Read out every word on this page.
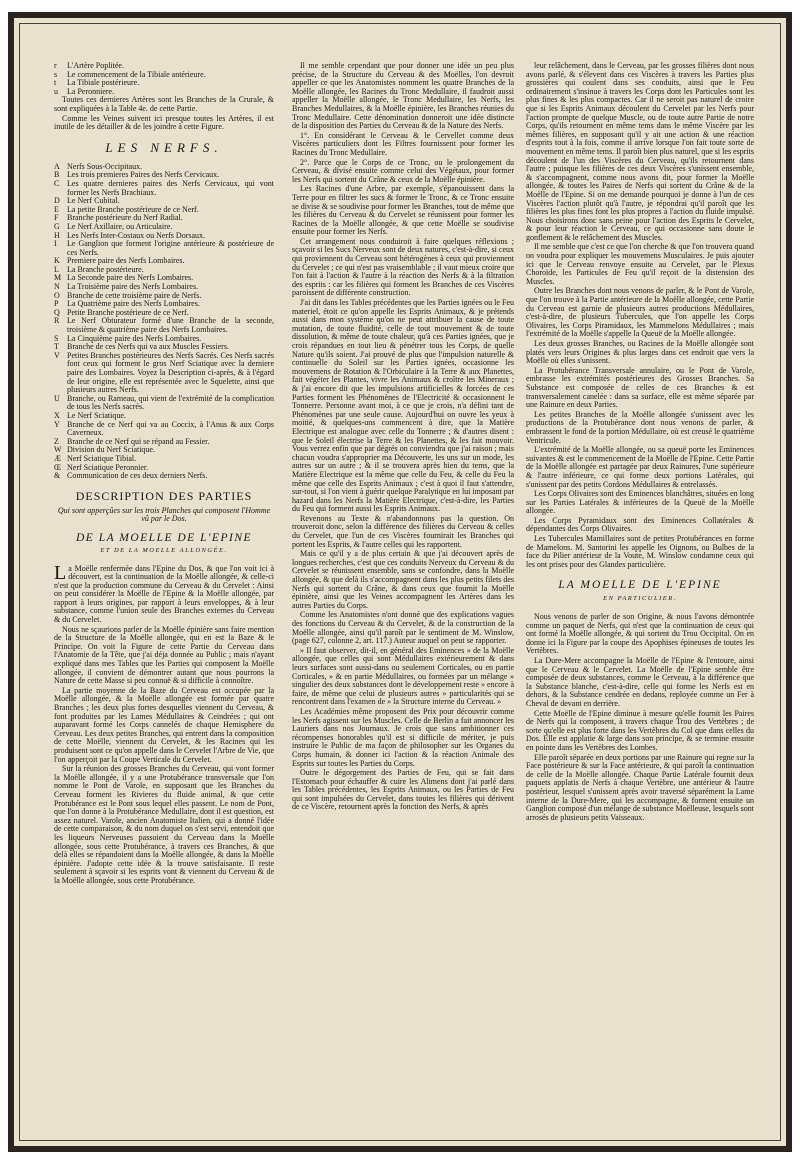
r	L'Artère Poplitée.
s	Le commencement de la Tibiale antérieure.
t	La Tibiale postérieure.
u	La Peronniere.

Toutes ces dernieres Artères sont les Branches de la Crurale, & sont expliquées à la Table 4e. de cette Partie.

Comme les Veines suivent ici presque toutes les Artères, il est inutile de les détailler & de les joindre à cette Figure.

LES NERFS.
A Nerfs Sous-Occipitaux.
B Les trois premieres Paires des Nerfs Cervicaux.
C Les quatre dernieres paires des Nerfs Cervicaux, qui vont former les Nerfs Brachiaux.
D Le Nerf Cubital.
E	La petite Branche postérieure de ce Nerf.
F	Branche postérieure du Nerf Radial.
G Le Nerf Axillaire, ou Articulaire.
H Les Nerfs Inter-Costaux ou Nerfs Dorsaux.
I	Le Ganglion que forment l'origine antérieure & postérieure de ces Nerfs.
K Premiere paire des Nerfs Lombaires.
L	La Branche postérieure.
M La Seconde paire des Nerfs Lombaires.
N La Troisième paire des Nerfs Lombaires.
O Branche de cette troisième paire de Nerfs.
P	La Quatrième paire des Nerfs Lombaires.
Q Petite Branche postérieure de ce Nerf.
R Le Nerf Obturateur formé d'une Branche de la seconde, troisième & quatrième paire des Nerfs Lombaires.
S	La Cinquième paire des Nerfs Lombaires.
T	Branche de ces Nerfs qui va aux Muscles Fessiers.
V Petites Branches postérieures des Nerfs Sacrés. Ces Nerfs sacrés font ceux qui forment le gros Nerf Sciatique avec la derniere paire des Lombaires. Voyez la Description ci-après, & à l'égard de leur origine, elle est représentée avec le Squelette, ainsi que plusieurs autres Nerfs.
U Branche, ou Rameau, qui vient de l'extrémité de la complication de tous les Nerfs sacrés.
X Le Nerf Sciatique.
Y Branche de ce Nerf qui va au Coccix, à l'Anus & aux Corps Caverneux.
Z	Branche de ce Nerf qui se répand au Fessier.
W Division du Nerf Sciatique.
Æ Nerf Sciatique Tibial.
Œ Nerf Sciatique Peronnier.
& Communication de ces deux derniers Nerfs.
DESCRIPTION DES PARTIES

Qui sont apperçûes sur les trois Planches qui composent l'Homme vû par le Dos.

DE LA MOELLE DE L'EPINE
ET DE LA MOELLE ALLONGÉE.

La Moëlle renfermée dans l'Epine du Dos, & que l'on voit ici à découvert, est la continuation de la Moëlle allongée, & celle-ci n'est que la production commune du Cerveau & du Cervelet : Ainsi on peut considérer la Moëlle de l'Epine & la Moëlle allongée, par rapport à leurs origines, par rapport à leurs enveloppes, & à leur substance, comme l'union seule des Branches externes du Cerveau & du Cervelet.

Nous ne sçaurions parler de la Moëlle épinière sans faire mention de la Structure de la Moëlle allongée, qui en est la Baze & le Principe. On voit la Figure de cette Partie du Cerveau dans l'Anatomie de la Tête, que j'ai déja donnée au Public ; mais n'ayant expliqué dans mes Tables que les Parties qui composent la Moëlle allongée, il convient de démontrer autant que nous pourrons la Nature de cette Masse si peu connuë & si difficile à connoître.

La partie moyenne de la Baze du Cerveau est occupée par la Moëlle allongée, & la Moëlle allongée est formée par quatre Branches ; les deux plus fortes desquelles viennent du Cerveau, & font produites par les Lames Médullaires & Ceindrées ; qui ont auparavant formé les Corps cannelés de chaque Hemisphere du Cerveau. Les deux petites Branches, qui entrent dans la composition de cette Moëlle, viennent du Cervelet, & les Racines qui les produisent sont ce qu'on appelle dans le Cervelet l'Arbre de Vie, que l'on apperçoit par la Coupe Verticale du Cervelet.

Sur la réunion des grosses Branches du Cerveau, qui vont former la Moëlle allongée, il y a une Protubérance transversale que l'on nomme le Pont de Varole, en supposant que les Branches du Cerveau forment les Rivieres du fluide animal, & que cette Protubérance est le Pont sous lequel elles passent. Le nom de Pont, que l'on donne à la Protubérance Medullaire, dont il est question, est assez naturel. Varole, ancien Anatomiste Italien, qui a donné l'idée de cette comparaison, & du nom duquel on s'est servi, entendoit que les liqueurs Nerveuses passoient du Cerveau dans la Moëlle allongée, sous cette Protubérance, à travers ces Branches, & que delà elles se répandoient dans la Moëlle allongée, & dans la Moëlle épinière. J'adopte cette idée & la trouve satisfaisante. Il reste seulement à sçavoir si les esprits vont & viennent du Cerveau & de la Moëlle allongée, sous cette Protubérance.

Il me semble cependant que pour donner une idée un peu plus précise, de la Structure du Cerveau & des Moëlles, l'on devroit appeller ce que les Anatomistes nomment les quatre Branches de la Moëlle allongée, les Racines du Tronc Medullaire, il faudroit aussi appeller la Moëlle allongée, le Tronc Medullaire, les Nerfs, les Branches Medullaires, & la Moëlle épinière, les Branches réunies du Tronc Medullaire. Cette dénomination donneroit une idée distincte de la disposition des Parties du Cerveau & de la Nature des Nerfs.

1°. En considérant le Cerveau & le Cervellet comme deux Viscères particuliers dont les Filtres fournissent pour former les Racines du Tronc Medullaire.

2°. Parce que le Corps de ce Tronc, ou le prolongement du Cerveau, & divisé ensuite comme celui des Végétaux, pour former les Nerfs qui sortent du Crâne & ceux de la Moëlle épinière.

Les Racines d'une Arbre, par exemple, s'épanouissent dans la Terre pour en filtrer les sucs & former le Tronc, & ce Tronc ensuite se divise & se soudivise pour former les Branches, tout de même que les filières du Cerveau & du Cervelet se réunissent pour former les Racines de la Moëlle allongée, & que cette Moëlle se soudivise ensuite pour former les Nerfs.

Cet arrangement nous conduiroit à faire quelques réflexions ; sçavoir si les Sucs Nerveux sont de deux natures, c'est-à-dire, si ceux qui proviennent du Cerveau sont hétérogènes à ceux qui proviennent du Cervelet ; ce qui n'est pas vraisemblable ; il vaut mieux croire que l'on fait à l'action & l'autre à la réaction des Nerfs & à la filtration des esprits : car les filières qui forment les Branches de ces Viscères paroissent de différente construction.

J'ai dit dans les Tables précédentes que les Parties ignées ou le Feu materiel, étoit ce qu'on appelle les Esprits Animaux, & je prétends aussi dans mon système qu'on ne peut attribuer la cause de toute mutation, de toute fluidité, celle de tout mouvement & de toute dissolution, & même de toute chaleur, qu'à ces Parties ignées, que je crois répandues en tout lieu & pénétrer tous les Corps, de quelle Nature qu'ils soient. J'ai prouvé de plus que l'impulsion naturelle & continuelle du Soleil sur les Parties ignées, occasionne les mouvemens de Rotation & l'Orbiculaire à la Terre & aux Planettes, fait végéter les Plantes, vivre les Animaux & croître les Mineraux ; & j'ai encore dit que les impulsions artificielles & forcées de ces Parties forment les Phénomènes de l'Electricité & occasionnent le Tonnerre. Personne avant moi, à ce que je crois, n'a défini tant de Phénomènes par une seule cause. Aujourd'hui on ouvre les yeux à moitié, & quelques-uns commencent à dire, que la Matière Electrique est analogue avec celle du Tonnerre ; & d'autres disent : que le Soleil électrise la Terre & les Planettes, & les fait mouvoir. Vous verrez enfin que par dégrés on conviendra que j'ai raison ; mais chacun voudra s'approprier ma Découverte, les uns sur un mode, les autres sur un autre ; & il se trouvera après bien du tems, que la Matière Electrique est la même que celle du Feu, & celle du Feu la même que celle des Esprits Animaux ; c'est à quoi il faut s'attendre, sur-tout, si l'on vient à guérir quelque Paralytique en lui imposant par hazard dans les Nerfs la Matière Electrique, c'est-à-dire, les Parties du Feu qui forment aussi les Esprits Animaux.

Revenons au Texte & n'abandonnons pas la question. On trouveroit donc, selon la différence des filières du Cerveau & celles du Cervelet, que l'un de ces Viscères fournirait les Branches qui portent les Esprits, & l'autre celles qui les rapportent.

Mais ce qu'il y a de plus certain & que j'ai découvert après de longues recherches, c'est que ces conduits Nerveux du Cerveau & du Cervelet se réunissent ensemble, sans se confondre, dans la Moëlle allongée, & que delà ils s'accompagnent dans les plus petits filets des Nerfs qui sortent du Crâne, & dans ceux que fournit la Moëlle épinière, ainsi que les Veines accompagnent les Artères dans les autres Parties du Corps.

Comme les Anatomistes n'ont donné que des explications vagues des fonctions du Cerveau & du Cervelet, & de la construction de la Moëlle allongée, ainsi qu'il paroît par le sentiment de M. Winslow, (page 627, colonne 2, art. 117.) Auteur auquel on peut se rapporter.

» Il faut observer, dit-il, en général des Eminences » de la Moëlle allongée, que celles qui sont Médullaires extérieurement & dans leurs surfaces sont aussi-dans ou seulement Corticales, ou en partie Corticales, » & en partie Médullaires, ou formées par un mélange » singulier des deux substances dont le développement reste » encore à faire, de même que celui de plusieurs autres » particularités qui se rencontrent dans l'examen de » la Structure interne du Cerveau. »

Les Académies même proposent des Prix pour découvrir comme les Nerfs agissent sur les Muscles. Celle de Berlin a fait annoncer les Lauriers dans nos Journaux. Je crois que sans ambitionner ces récompenses honorables qu'il est si difficile de mériter, je puis instruire le Public de ma façon de philosopher sur les Organes du Corps humain, & donner ici l'action & la réaction Animale des Esprits sur toutes les Parties du Corps.

Outre le dégorgement des Parties de Feu, qui se fait dans l'Estomach pour échauffer & cuire les Alimens dont j'ai parlé dans les Tables précédentes, les Esprits Animaux, ou les Parties de Feu qui sont impulsées du Cervelet, dans toutes les filières qui dérivent de ce Viscère, retournent après la fonction des Nerfs, & après

leur relâchement, dans le Cerveau, par les grosses filières dont nous avons parlé, & s'élevent dans ces Viscères à travers les Parties plus grossières qui coulent dans ses conduits, ainsi que le Feu ordinairement s'insinue à travers les Corps dont les Particules sont les plus fines & les plus compactes. Car il ne seroit pas naturel de croire que si les Esprits Animaux découlent du Cervelet par les Nerfs pour l'action prompte de quelque Muscle, ou de toute autre Partie de notre Corps, qu'ils retournent en même tems dans le même Viscère par les mêmes filières, en supposant qu'il y ait une action & une réaction d'esprits tout à la fois, comme il arrive lorsque l'on fait toute sorte de mouvement en même tems. Il paroît bien plus naturel, que si les esprits découlent de l'un des Viscères du Cerveau, qu'ils retournent dans l'autre ; puisque les filières de ces deux Viscères s'unissent ensemble, & s'accompagnent, comme nous avons dit, pour former la Moëlle allongée, & toutes les Paires de Nerfs qui sortent du Crâne & de la Moëlle de l'Epine. Si on me demande pourquoi je donne à l'un de ces Viscères l'action plutôt qu'à l'autre, je répondrai qu'il paroît que les filières les plus fines font les plus propres à l'action du fluide impulsé. Nous choisirons donc sans peine pour l'action des Esprits le Cervelet, & pour leur réaction le Cerveau, ce qui occasionne sans doute le gonflement & le relâchement des Muscles.

Il me semble que c'est ce que l'on cherche & que l'on trouvera quand on voudra pour expliquer les mouvemens Musculaires. Je puis ajouter ici que le Cerveau renvoye ensuite au Cervelet, par le Plexus Choroïde, les Particules de Feu qu'il reçoit de la distension des Muscles.

Outre les Branches dont nous venons de parler, & le Pont de Varole, que l'on trouve à la Partie antérieure de la Moëlle allongée, cette Partie du Cerveau est garnie de plusieurs autres productions Médullaires, c'est-à-dire, de plusieurs Tubercules, que l'on appelle les Corps Olivaires, les Corps Piramidaux, les Mammelons Médullaires ; mais l'extrémité de la Moëlle s'appelle la Queuë de la Moëlle allongée.

Les deux grosses Branches, ou Racines de la Moëlle allongée sont platés vers leurs Origines & plus larges dans cet endroit que vers la Moëlle où elles s'unissent.

La Protubérance Transversale annulaire, ou le Pont de Varole, embrasse les extrémités postérieures des Grosses Branches. Sa Substance est composée de celles de ces Branches & est transversalement canelée : dans sa surface, elle est même séparée par une Rainure en deux Parties.

Les petites Branches de la Moëlle allongée s'unissent avec les productions de la Protubérance dont nous venons de parler, & embrassent le fond de la portion Médullaire, où est creusé le quatrième Ventricule.

L'extrémité de la Moëlle allongée, ou sa queuë porte les Eminences suivantes & est le commencement de la Moëlle de l'Epine. Cette Partie de la Moëlle allongée est partagée par deux Rainures, l'une supérieure & l'autre inférieure, ce qui forme deux portions Latérales, qui s'unissent par des petits Cordons Médullaires & entrelassés.

Les Corps Olivaires sont des Eminences blanchâtres, situées en long sur les Parties Latérales & inférieures de la Queuë de la Moëlle allongée.

Les Corps Pyramidaux sont des Eminences Collatérales & dépendantes des Corps Olivaires.

Les Tubercules Mamillaires sont de petites Protubérances en forme de Mamelons. M. Santorini les appelle les Oignons, ou Bulbes de la face du Pilier antérieur de la Voute, M. Winslow condamne ceux qui les ont prises pour des Glandes particulière.

LA MOELLE DE L'EPINE
EN PARTICULIER.

Nous venons de parler de son Origine, & nous l'avons démontrée comme un paquet de Nerfs, qui n'est que la continuation de ceux qui ont formé la Moëlle allongée, & qui sortent du Trou Occipital. On en donne ici la Figure par la coupe des Apophises épineuses de toutes les Vertèbres.

La Dure-Mere accompagne la Moëlle de l'Epine & l'entoure, ainsi que le Cerveau & le Cervelet. La Moëlle de l'Epine semble être composée de deux substances, comme le Cerveau, à la différence que la Substance blanche, c'est-à-dire, celle qui forme les Nerfs est en dehors, & la Substance cendrée en dedans, reployée comme un Fer à Cheval de devant en derrière.

Cette Moëlle de l'Epine diminue à mesure qu'elle fournit les Paires de Nerfs qui la composent, à travers chaque Trou des Vertèbres ; de sorte qu'elle est plus forte dans les Vertèbres du Col que dans celles du Dos. Elle est applatie & large dans son principe, & se termine ensuite en pointe dans les Vertèbres des Lombes.

Elle paroît séparée en deux portions par une Rainure qui regne sur la Face postérieure & sur la Face antérieure, & qui paroît la continuation de celle de la Moëlle allongée. Chaque Partie Latérale fournit deux paquets applatis de Nerfs à chaque Vertèbre, une antérieur & l'autre postérieur, lesquel s'unissent après avoir traversé séparément la Lame interne de la Dure-Mere, qui les accompagne, & forment ensuite un Ganglion composé d'un mélange de substance Moëlleuse, lesquels sont arrosés de plusieurs petits Vaisseaux.
